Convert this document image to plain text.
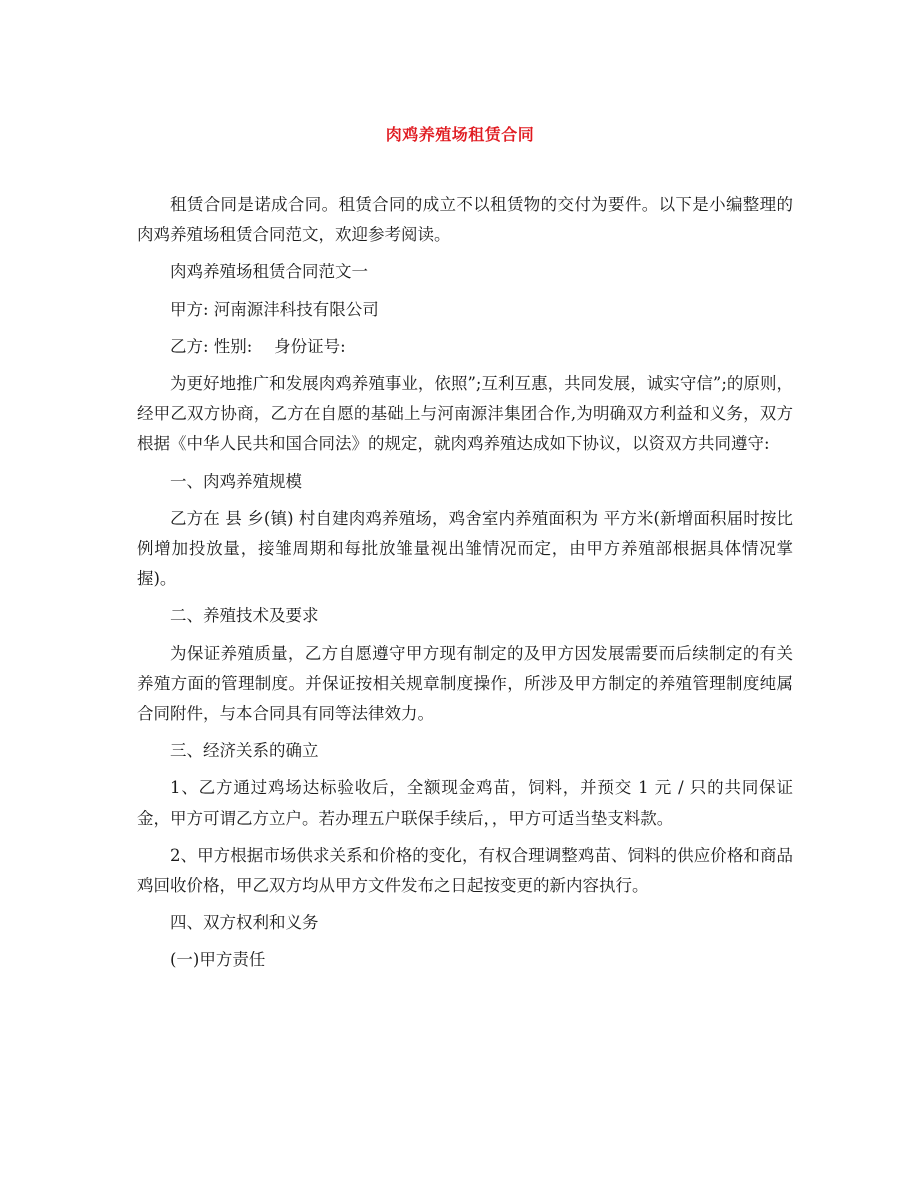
肉鸡养殖场租赁合同

租赁合同是诺成合同。租赁合同的成立不以租赁物的交付为要件。以下是小编整理的肉鸡养殖场租赁合同范文，欢迎参考阅读。

肉鸡养殖场租赁合同范文一

甲方: 河南源沣科技有限公司

乙方: 性别:　 身份证号:

为更好地推广和发展肉鸡养殖事业，依照”;互利互惠，共同发展，诚实守信”;的原则，经甲乙双方协商，乙方在自愿的基础上与河南源沣集团合作,为明确双方利益和义务，双方根据《中华人民共和国合同法》的规定，就肉鸡养殖达成如下协议，以资双方共同遵守:

一、肉鸡养殖规模

乙方在 县 乡(镇) 村自建肉鸡养殖场，鸡舍室内养殖面积为 平方米(新增面积届时按比例增加投放量，接雏周期和每批放雏量视出雏情况而定，由甲方养殖部根据具体情况掌握)。

二、养殖技术及要求

为保证养殖质量，乙方自愿遵守甲方现有制定的及甲方因发展需要而后续制定的有关养殖方面的管理制度。并保证按相关规章制度操作，所涉及甲方制定的养殖管理制度纯属合同附件，与本合同具有同等法律效力。

三、经济关系的确立

1、乙方通过鸡场达标验收后，全额现金鸡苗，饲料，并预交 1 元 / 只的共同保证金，甲方可谓乙方立户。若办理五户联保手续后，，甲方可适当垫支料款。

2、甲方根据市场供求关系和价格的变化，有权合理调整鸡苗、饲料的供应价格和商品鸡回收价格，甲乙双方均从甲方文件发布之日起按变更的新内容执行。

四、双方权利和义务

(一)甲方责任
